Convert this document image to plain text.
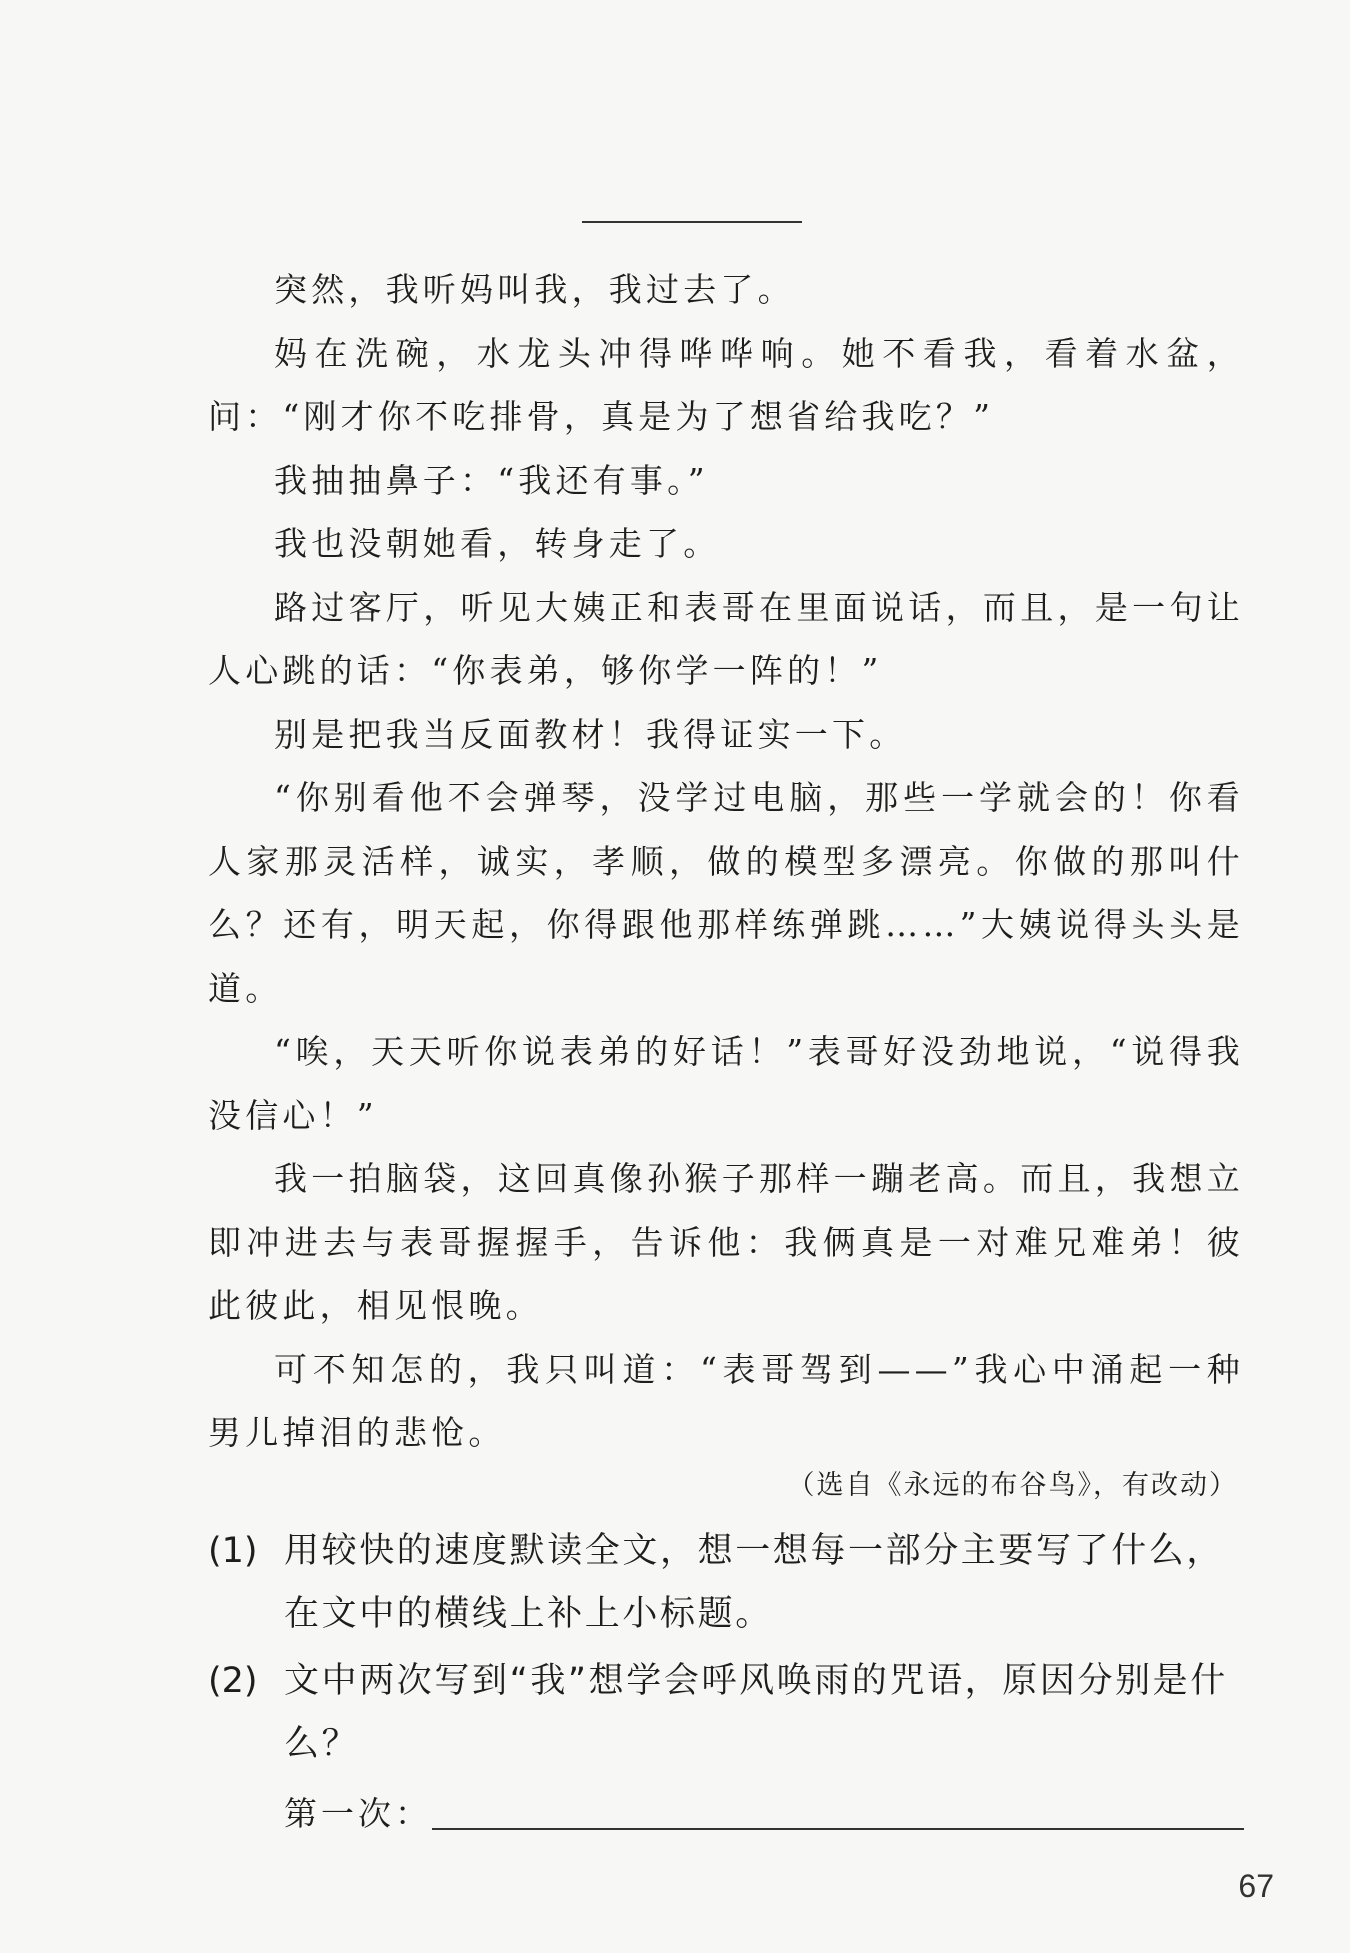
突然，我听妈叫我，我过去了。

妈在洗碗，水龙头冲得哗哗响。她不看我，看着水盆，问：“刚才你不吃排骨，真是为了想省给我吃？”

我抽抽鼻子：“我还有事。”

我也没朝她看，转身走了。

路过客厅，听见大姨正和表哥在里面说话，而且，是一句让人心跳的话：“你表弟，够你学一阵的！”

别是把我当反面教材！我得证实一下。

“你别看他不会弹琴，没学过电脑，那些一学就会的！你看人家那灵活样，诚实，孝顺，做的模型多漂亮。你做的那叫什么？还有，明天起，你得跟他那样练弹跳……”大姨说得头头是道。

“唉，天天听你说表弟的好话！”表哥好没劲地说，“说得我没信心！”

我一拍脑袋，这回真像孙猴子那样一蹦老高。而且，我想立即冲进去与表哥握握手，告诉他：我俩真是一对难兄难弟！彼此彼此，相见恨晚。

可不知怎的，我只叫道：“表哥驾到——”我心中涌起一种男儿掉泪的悲怆。

（选自《永远的布谷鸟》，有改动）
(1) 用较快的速度默读全文，想一想每一部分主要写了什么，在文中的横线上补上小标题。
(2) 文中两次写到“我”想学会呼风唤雨的咒语，原因分别是什么？
第一次：
67
